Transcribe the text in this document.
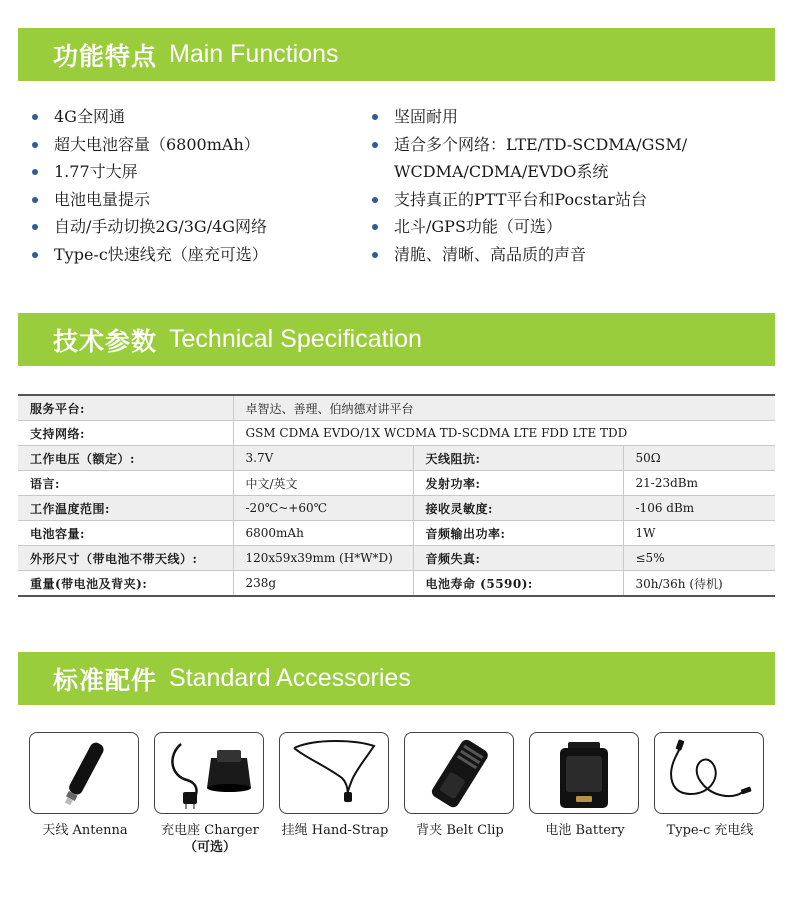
功能特点 Main Functions
4G全网通
超大电池容量（6800mAh）
1.77寸大屏
电池电量提示
自动/手动切换2G/3G/4G网络
Type-c快速线充（座充可选）
坚固耐用
适合多个网络：LTE/TD-SCDMA/GSM/
WCDMA/CDMA/EVDO系统
支持真正的PTT平台和Pocstar站台
北斗/GPS功能（可选）
清脆、清晰、高品质的声音
技术参数 Technical Specification
服务平台:	卓智达、善理、伯纳德对讲平台		
支持网络:	GSM CDMA EVDO/1X WCDMA TD-SCDMA LTE FDD LTE TDD		
工作电压（额定）:	3.7V	天线阻抗:	50Ω
语言:	中文/英文	发射功率:	21-23dBm
工作温度范围:	-20℃~+60℃	接收灵敏度:	-106 dBm
电池容量:	6800mAh	音频输出功率:	1W
外形尺寸（带电池不带天线）:	120x59x39mm (H*W*D)	音频失真:	≤5%
重量(带电池及背夹):	238g	电池寿命 (5590):	30h/36h (待机)
标准配件 Standard Accessories
天线 Antenna	充电座 Charger
（可选）
挂绳 Hand-Strap	背夹 Belt Clip	电池 Battery	Type-c 充电线
